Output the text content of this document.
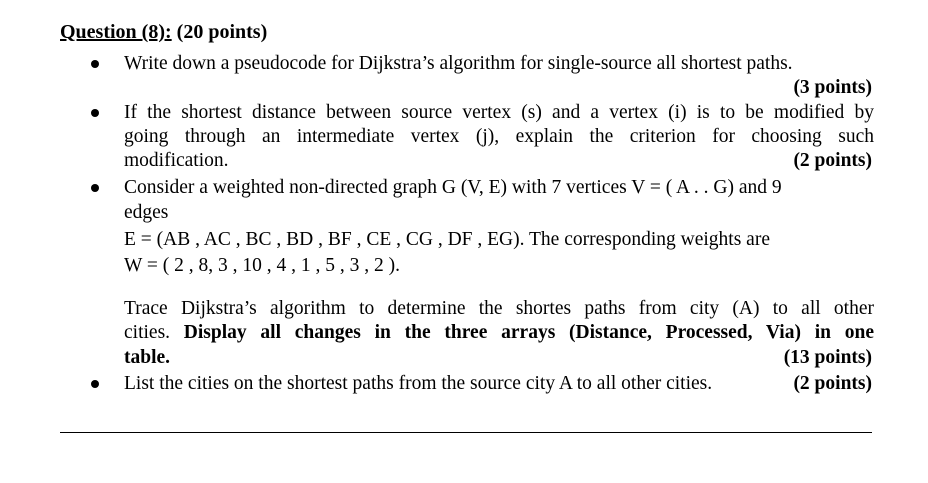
Question (8): (20 points)
Write down a pseudocode for Dijkstra’s algorithm for single-source all shortest paths.
(3 points)
If the shortest distance between source vertex (s) and a vertex (i) is to be modified by
going through an intermediate vertex (j), explain the criterion for choosing such
modification.	(2 points)
Consider a weighted non-directed graph G (V, E) with 7 vertices V = ( A . . G) and 9
edges
E = (AB , AC , BC , BD , BF , CE , CG , DF , EG). The corresponding weights are
W = ( 2 , 8, 3 , 10 , 4 , 1 , 5 , 3 , 2 ).
Trace Dijkstra’s algorithm to determine the shortes paths from city (A) to all other
cities. Display all changes in the three arrays (Distance, Processed, Via) in one
table.	(13 points)
List the cities on the shortest paths from the source city A to all other cities.	(2 points)
